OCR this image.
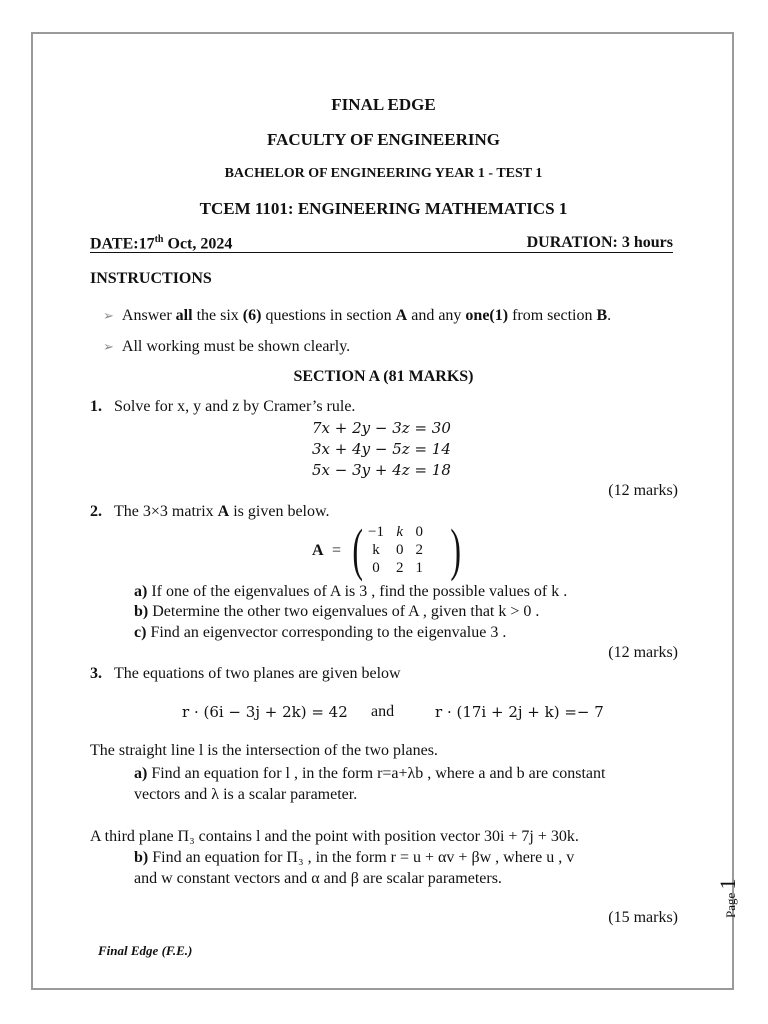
FINAL EDGE
FACULTY OF ENGINEERING
BACHELOR OF ENGINEERING YEAR 1 - TEST 1
TCEM 1101: ENGINEERING MATHEMATICS 1
DATE:17th Oct, 2024	DURATION: 3 hours
INSTRUCTIONS
➢ Answer all the six (6) questions in section A and any one(1) from section B.
➢ All working must be shown clearly.
SECTION A (81 MARKS)
1. Solve for x, y and z by Cramer’s rule.
7x + 2y − 3z = 30
3x + 4y − 5z = 14
5x − 3y + 4z = 18
(12 marks)
2. The 3×3 matrix A is given below.
A = ( −1	k	0
k	0	2
0	2	1 )
a) If one of the eigenvalues of A is 3 , find the possible values of k .
b) Determine the other two eigenvalues of A , given that k > 0 .
c) Find an eigenvector corresponding to the eigenvalue 3 .
(12 marks)
3. The equations of two planes are given below
r · (6i − 3j + 2k) = 42 and	r · (17i + 2j + k) =− 7
The straight line l is the intersection of the two planes.
a) Find an equation for l , in the form r=a+λb , where a and b are constant
vectors and λ is a scalar parameter.
A third plane Π₃ contains l and the point with position vector 30i + 7j + 30k.
b) Find an equation for Π₃ , in the form r = u + αv + βw , where u , v
and w constant vectors and α and β are scalar parameters.
(15 marks)
Final Edge (F.E.)
Page 1
